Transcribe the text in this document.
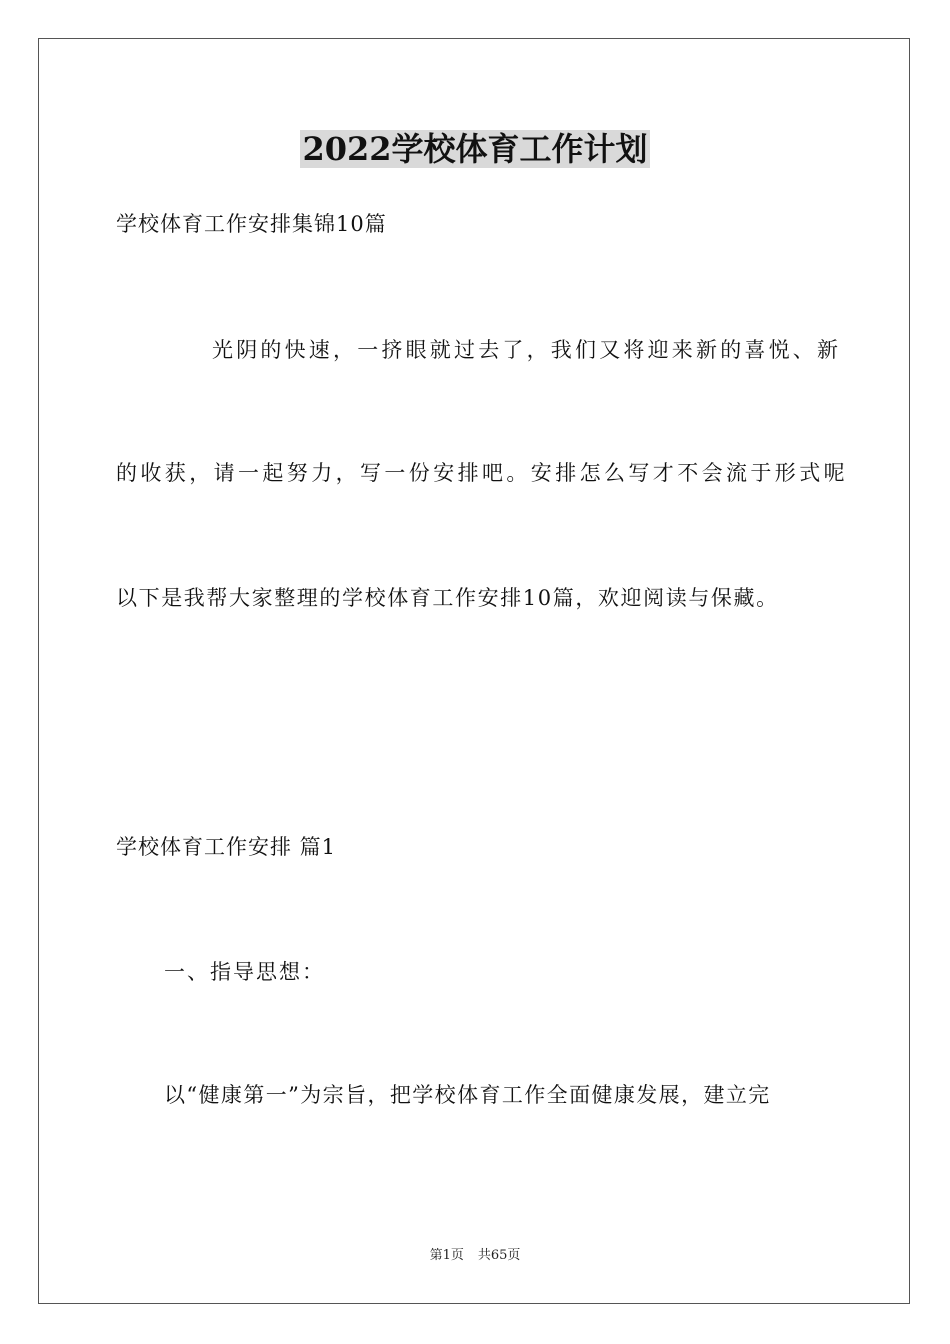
2022学校体育工作计划

学校体育工作安排集锦10篇

光阴的快速，一挤眼就过去了，我们又将迎来新的喜悦、新

的收获，请一起努力，写一份安排吧。安排怎么写才不会流于形式呢

以下是我帮大家整理的学校体育工作安排10篇，欢迎阅读与保藏。

学校体育工作安排 篇1

一、指导思想：

以“健康第一”为宗旨，把学校体育工作全面健康发展，建立完

第1页 共65页
